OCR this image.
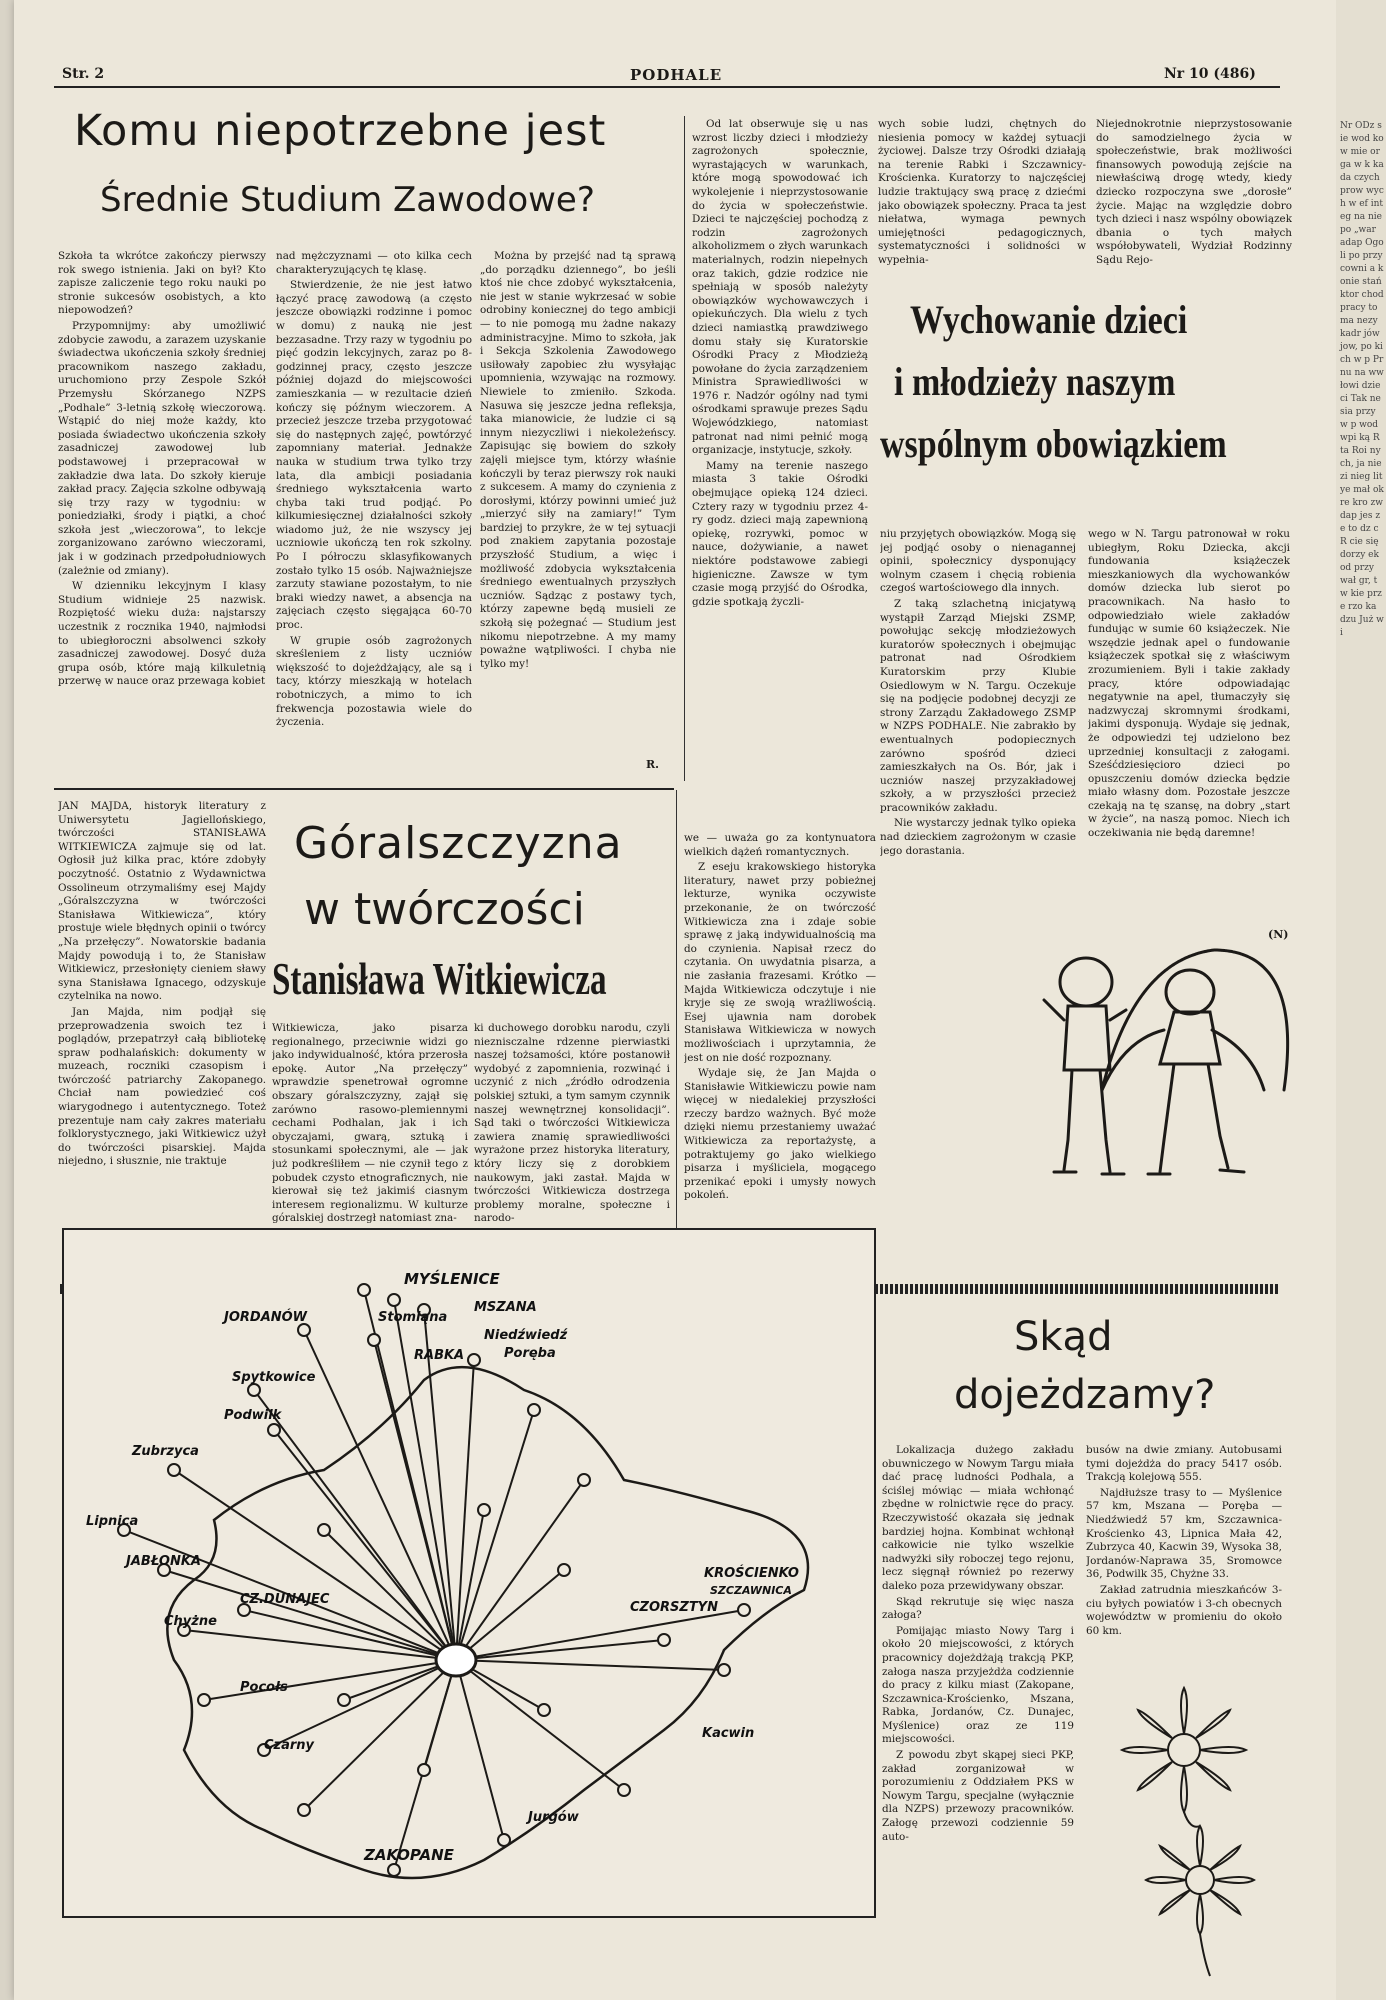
Str. 2	PODHALE	Nr 10 (486)
Komu niepotrzebne jest
Średnie Studium Zawodowe?

Szkoła ta wkrótce zakończy pierwszy rok swego istnienia. Jaki on był? Kto zapisze zaliczenie tego roku nauki po stronie sukcesów osobistych, a kto niepowodzeń?

Przypomnijmy: aby umożliwić zdobycie zawodu, a zarazem uzyskanie świadectwa ukończenia szkoły średniej pracownikom naszego zakładu, uruchomiono przy Zespole Szkół Przemysłu Skórzanego NZPS „Podhale” 3-letnią szkołę wieczorową. Wstąpić do niej może każdy, kto posiada świadectwo ukończenia szkoły zasadniczej zawodowej lub podstawowej i przepracował w zakładzie dwa lata. Do szkoły kieruje zakład pracy. Zajęcia szkolne odbywają się trzy razy w tygodniu: w poniedziałki, środy i piątki, a choć szkoła jest „wieczorowa”, to lekcje zorganizowano zarówno wieczorami, jak i w godzinach przedpołudniowych (zależnie od zmiany).

W dzienniku lekcyjnym I klasy Studium widnieje 25 nazwisk. Rozpiętość wieku duża: najstarszy uczestnik z rocznika 1940, najmłodsi to ubiegłoroczni absolwenci szkoły zasadniczej zawodowej. Dosyć duża grupa osób, które mają kilkuletnią przerwę w nauce oraz przewaga kobiet

nad mężczyznami — oto kilka cech charakteryzujących tę klasę.

Stwierdzenie, że nie jest łatwo łączyć pracę zawodową (a często jeszcze obowiązki rodzinne i pomoc w domu) z nauką nie jest bezzasadne. Trzy razy w tygodniu po pięć godzin lekcyjnych, zaraz po 8-godzinnej pracy, często jeszcze później dojazd do miejscowości zamieszkania — w rezultacie dzień kończy się późnym wieczorem. A przecież jeszcze trzeba przygotować się do następnych zajęć, powtórzyć zapomniany materiał. Jednakże nauka w studium trwa tylko trzy lata, dla ambicji posiadania średniego wykształcenia warto chyba taki trud podjąć. Po kilkumiesięcznej działalności szkoły wiadomo już, że nie wszyscy jej uczniowie ukończą ten rok szkolny. Po I półroczu sklasyfikowanych zostało tylko 15 osób. Najważniejsze zarzuty stawiane pozostałym, to nie braki wiedzy nawet, a absencja na zajęciach często sięgająca 60-70 proc.

W grupie osób zagrożonych skreśleniem z listy uczniów większość to dojeżdżający, ale są i tacy, którzy mieszkają w hotelach robotniczych, a mimo to ich frekwencja pozostawia wiele do życzenia.

Można by przejść nad tą sprawą „do porządku dziennego”, bo jeśli ktoś nie chce zdobyć wykształcenia, nie jest w stanie wykrzesać w sobie odrobiny koniecznej do tego ambicji — to nie pomogą mu żadne nakazy administracyjne. Mimo to szkoła, jak i Sekcja Szkolenia Zawodowego usiłowały zapobiec złu wysyłając upomnienia, wzywając na rozmowy. Niewiele to zmieniło. Szkoda. Nasuwa się jeszcze jedna refleksja, taka mianowicie, że ludzie ci są innym niezyczliwi i niekoleżeńscy. Zapisując się bowiem do szkoły zajęli miejsce tym, którzy właśnie kończyli by teraz pierwszy rok nauki z sukcesem. A mamy do czynienia z dorosłymi, którzy powinni umieć już „mierzyć siły na zamiary!” Tym bardziej to przykre, że w tej sytuacji pod znakiem zapytania pozostaje przyszłość Studium, a więc i możliwość zdobycia wykształcenia średniego ewentualnych przyszłych uczniów. Sądząc z postawy tych, którzy zapewne będą musieli ze szkołą się pożegnać — Studium jest nikomu niepotrzebne. A my mamy poważne wątpliwości. I chyba nie tylko my!

R.

Od lat obserwuje się u nas wzrost liczby dzieci i młodzieży zagrożonych społecznie, wyrastających w warunkach, które mogą spowodować ich wykolejenie i nieprzystosowanie do życia w społeczeństwie. Dzieci te najczęściej pochodzą z rodzin zagrożonych alkoholizmem o złych warunkach materialnych, rodzin niepełnych oraz takich, gdzie rodzice nie spełniają w sposób należyty obowiązków wychowawczych i opiekuńczych. Dla wielu z tych dzieci namiastką prawdziwego domu stały się Kuratorskie Ośrodki Pracy z Młodzieżą powołane do życia zarządzeniem Ministra Sprawiedliwości w 1976 r. Nadzór ogólny nad tymi ośrodkami sprawuje prezes Sądu Wojewódzkiego, natomiast patronat nad nimi pełnić mogą organizacje, instytucje, szkoły.

Mamy na terenie naszego miasta 3 takie Ośrodki obejmujące opieką 124 dzieci. Cztery razy w tygodniu przez 4-ry godz. dzieci mają zapewnioną opiekę, rozrywki, pomoc w nauce, dożywianie, a nawet niektóre podstawowe zabiegi higieniczne. Zawsze w tym czasie mogą przyjść do Ośrodka, gdzie spotkają życzli-

wych sobie ludzi, chętnych do niesienia pomocy w każdej sytuacji życiowej. Dalsze trzy Ośrodki działają na terenie Rabki i Szczawnicy-Krościenka. Kuratorzy to najczęściej ludzie traktujący swą pracę z dziećmi jako obowiązek społeczny. Praca ta jest niełatwa, wymaga pewnych umiejętności pedagogicznych, systematyczności i solidności w wypełnia-

Niejednokrotnie nieprzystosowanie do samodzielnego życia w społeczeństwie, brak możliwości finansowych powodują zejście na niewłaściwą drogę wtedy, kiedy dziecko rozpoczyna swe „dorosłe” życie. Mając na względzie dobro tych dzieci i nasz wspólny obowiązek dbania o tych małych współobywateli, Wydział Rodzinny Sądu Rejo-

Wychowanie dzieci
i młodzieży naszym
wspólnym obowiązkiem

niu przyjętych obowiązków. Mogą się jej podjąć osoby o nienagannej opinii, społecznicy dysponujący wolnym czasem i chęcią robienia czegoś wartościowego dla innych.

Z taką szlachetną inicjatywą wystąpił Zarząd Miejski ZSMP, powołując sekcję młodzieżowych kuratorów społecznych i obejmując patronat nad Ośrodkiem Kuratorskim przy Klubie Osiedlowym w N. Targu. Oczekuje się na podjęcie podobnej decyzji ze strony Zarządu Zakładowego ZSMP w NZPS PODHALE. Nie zabrakło by ewentualnych podopiecznych zarówno spośród dzieci zamieszkałych na Os. Bór, jak i uczniów naszej przyzakładowej szkoły, a w przyszłości przecież pracowników zakładu.

Nie wystarczy jednak tylko opieka nad dzieckiem zagrożonym w czasie jego dorastania.

wego w N. Targu patronował w roku ubiegłym, Roku Dziecka, akcji fundowania książeczek mieszkaniowych dla wychowanków domów dziecka lub sierot po pracownikach. Na hasło to odpowiedziało wiele zakładów fundując w sumie 60 książeczek. Nie wszędzie jednak apel o fundowanie książeczek spotkał się z właściwym zrozumieniem. Byli i takie zakłady pracy, które odpowiadając negatywnie na apel, tłumaczyły się nadzwyczaj skromnymi środkami, jakimi dysponują. Wydaje się jednak, że odpowiedzi tej udzielono bez uprzedniej konsultacji z załogami. Sześćdziesięcioro dzieci po opuszczeniu domów dziecka będzie miało własny dom. Pozostałe jeszcze czekają na tę szansę, na dobry „start w życie”, na naszą pomoc. Niech ich oczekiwania nie będą daremne!

(N)

JAN MAJDA, historyk literatury z Uniwersytetu Jagiellońskiego, twórczości STANISŁAWA WITKIEWICZA zajmuje się od lat. Ogłosił już kilka prac, które zdobyły poczytność. Ostatnio z Wydawnictwa Ossolineum otrzymaliśmy esej Majdy „Góralszczyzna w twórczości Stanisława Witkiewicza”, który prostuje wiele błędnych opinii o twórcy „Na przełęczy”. Nowatorskie badania Majdy powodują i to, że Stanisław Witkiewicz, przesłonięty cieniem sławy syna Stanisława Ignacego, odzyskuje czytelnika na nowo.

Jan Majda, nim podjął się przeprowadzenia swoich tez i poglądów, przepatrzył całą bibliotekę spraw podhalańskich: dokumenty w muzeach, roczniki czasopism i twórczość patriarchy Zakopanego. Chciał nam powiedzieć coś wiarygodnego i autentycznego. Toteż prezentuje nam cały zakres materiału folklorystycznego, jaki Witkiewicz użył do twórczości pisarskiej. Majda niejedno, i słusznie, nie traktuje

Góralszczyzna
w twórczości
Stanisława Witkiewicza

Witkiewicza, jako pisarza regionalnego, przeciwnie widzi go jako indywidualność, która przerosła epokę. Autor „Na przełęczy” wprawdzie spenetrował ogromne obszary góralszczyzny, zajął się zarówno rasowo-plemiennymi cechami Podhalan, jak i ich obyczajami, gwarą, sztuką i stosunkami społecznymi, ale — jak już podkreśliłem — nie czynił tego z pobudek czysto etnograficznych, nie kierował się też jakimiś ciasnym interesem regionalizmu. W kulturze góralskiej dostrzegł natomiast zna-

ki duchowego dorobku narodu, czyli nieznisczalne rdzenne pierwiastki naszej tożsamości, które postanowił wydobyć z zapomnienia, rozwinąć i uczynić z nich „źródło odrodzenia polskiej sztuki, a tym samym czynnik naszej wewnętrznej konsolidacji”. Sąd taki o twórczości Witkiewicza zawiera znamię sprawiedliwości wyrażone przez historyka literatury, który liczy się z dorobkiem naukowym, jaki zastał. Majda w twórczości Witkiewicza dostrzega problemy moralne, społeczne i narodo-

we — uważa go za kontynuatora wielkich dążeń romantycznych.

Z eseju krakowskiego historyka literatury, nawet przy pobieżnej lekturze, wynika oczywiste przekonanie, że on twórczość Witkiewicza zna i zdaje sobie sprawę z jaką indywidualnością ma do czynienia. Napisał rzecz do czytania. On uwydatnia pisarza, a nie zasłania frazesami. Krótko — Majda Witkiewicza odczytuje i nie kryje się ze swoją wrażliwością. Esej ujawnia nam dorobek Stanisława Witkiewicza w nowych możliwościach i uprzytamnia, że jest on nie dość rozpoznany.

Wydaje się, że Jan Majda o Stanisławie Witkiewiczu powie nam więcej w niedalekiej przyszłości rzeczy bardzo ważnych. Być może dzięki niemu przestaniemy uważać Witkiewicza za reportażystę, a potraktujemy go jako wielkiego pisarza i myśliciela, mogącego przenikać epoki i umysły nowych pokoleń.

MYŚLENICE
Stomiąna
MSZANA
JORDANÓW
Niedźwiedź
Poręba
RABKA
Spytkowice
Podwilk
Zubrzyca
Lipnica
JABŁONKA
CZ.DUNAJEC
KROŚCIENKO
SZCZAWNICA
Chyżne
CZORSZTYN
Pocołs
Czarny
Kacwin
Jurgów
ZAKOPANE
Skąd
dojeżdzamy?

Lokalizacja dużego zakładu obuwniczego w Nowym Targu miała dać pracę ludności Podhala, a ściślej mówiąc — miała wchłonąć zbędne w rolnictwie ręce do pracy. Rzeczywistość okazała się jednak bardziej hojna. Kombinat wchłonął całkowicie nie tylko wszelkie nadwyżki siły roboczej tego rejonu, lecz sięgnął również po rezerwy daleko poza przewidywany obszar.

Skąd rekrutuje się więc nasza załoga?

Pomijając miasto Nowy Targ i około 20 miejscowości, z których pracownicy dojeżdżają trakcją PKP, załoga nasza przyjeżdża codziennie do pracy z kilku miast (Zakopane, Szczawnica-Krościenko, Mszana, Rabka, Jordanów, Cz. Dunajec, Myślenice) oraz ze 119 miejscowości.

Z powodu zbyt skąpej sieci PKP, zakład zorganizował w porozumieniu z Oddziałem PKS w Nowym Targu, specjalne (wyłącznie dla NZPS) przewozy pracowników. Załogę przewozi codziennie 59 auto-

busów na dwie zmiany. Autobusami tymi dojeżdża do pracy 5417 osób. Trakcją kolejową 555.

Najdłuższe trasy to — Myślenice 57 km, Mszana — Poręba — Niedźwiedź 57 km, Szczawnica-Krościenko 43, Lipnica Mała 42, Zubrzyca 40, Kacwin 39, Wysoka 38, Jordanów-Naprawa 35, Sromowce 36, Podwilk 35, Chyżne 33.

Zakład zatrudnia mieszkańców 3-ciu byłych powiatów i 3-ch obecnych województw w promieniu do około 60 km.

Nr ODz sie wod kow mie orga w k kada czych prow wych w ef integ na niepo „war adap Ogoli po przy cowni a konie stań ktor chod pracy toma nezy kadr jów jow, po kich w p Pr nu na ww łowi dzieci Tak ne sia przy w p wod wpi ką R ta Roi nych, ja nie zi nieg litye mał okre kro zw dap jes ze to dz c R cie się dorzy ekod przy wał gr, tw kie prze rzo ka dzu Już wi
